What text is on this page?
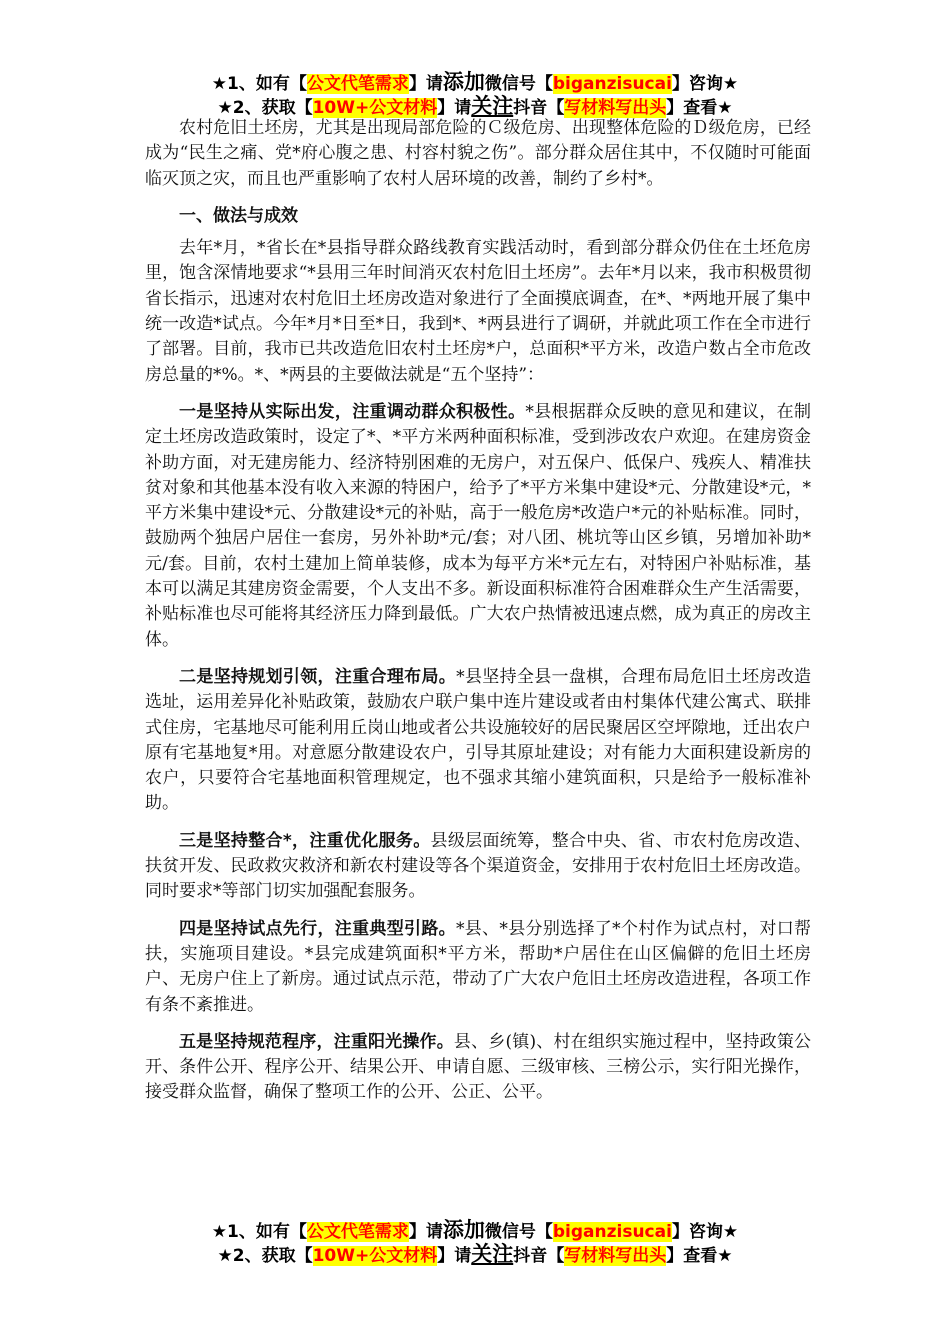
★1、如有【公文代笔需求】请添加微信号【biganzisucai】咨询★
★2、获取【10W+公文材料】请关注抖音【写材料写出头】查看★

农村危旧土坯房，尤其是出现局部危险的Ｃ级危房、出现整体危险的Ｄ级危房，已经成为“民生之痛、党*府心腹之患、村容村貌之伤”。部分群众居住其中，不仅随时可能面临灭顶之灾，而且也严重影响了农村人居环境的改善，制约了乡村*。

一、做法与成效

去年*月，*省长在*县指导群众路线教育实践活动时，看到部分群众仍住在土坯危房里，饱含深情地要求“*县用三年时间消灭农村危旧土坯房”。去年*月以来，我市积极贯彻省长指示，迅速对农村危旧土坯房改造对象进行了全面摸底调查，在*、*两地开展了集中统一改造*试点。今年*月*日至*日，我到*、*两县进行了调研，并就此项工作在全市进行了部署。目前，我市已共改造危旧农村土坯房*户，总面积*平方米，改造户数占全市危改房总量的*%。*、*两县的主要做法就是“五个坚持”：

一是坚持从实际出发，注重调动群众积极性。*县根据群众反映的意见和建议，在制定土坯房改造政策时，设定了*、*平方米两种面积标准，受到涉改农户欢迎。在建房资金补助方面，对无建房能力、经济特别困难的无房户，对五保户、低保户、残疾人、精准扶贫对象和其他基本没有收入来源的特困户，给予了*平方米集中建设*元、分散建设*元，*平方米集中建设*元、分散建设*元的补贴，高于一般危房*改造户*元的补贴标准。同时，鼓励两个独居户居住一套房，另外补助*元/套；对八团、桃坑等山区乡镇，另增加补助*元/套。目前，农村土建加上简单装修，成本为每平方米*元左右，对特困户补贴标准，基本可以满足其建房资金需要，个人支出不多。新设面积标准符合困难群众生产生活需要，补贴标准也尽可能将其经济压力降到最低。广大农户热情被迅速点燃，成为真正的房改主体。

二是坚持规划引领，注重合理布局。*县坚持全县一盘棋，合理布局危旧土坯房改造选址，运用差异化补贴政策，鼓励农户联户集中连片建设或者由村集体代建公寓式、联排式住房，宅基地尽可能利用丘岗山地或者公共设施较好的居民聚居区空坪隙地，迁出农户原有宅基地复*用。对意愿分散建设农户，引导其原址建设；对有能力大面积建设新房的农户，只要符合宅基地面积管理规定，也不强求其缩小建筑面积，只是给予一般标准补助。

三是坚持整合*，注重优化服务。县级层面统筹，整合中央、省、市农村危房改造、扶贫开发、民政救灾救济和新农村建设等各个渠道资金，安排用于农村危旧土坯房改造。同时要求*等部门切实加强配套服务。

四是坚持试点先行，注重典型引路。*县、*县分别选择了*个村作为试点村，对口帮扶，实施项目建设。*县完成建筑面积*平方米，帮助*户居住在山区偏僻的危旧土坯房户、无房户住上了新房。通过试点示范，带动了广大农户危旧土坯房改造进程，各项工作有条不紊推进。

五是坚持规范程序，注重阳光操作。县、乡(镇)、村在组织实施过程中，坚持政策公开、条件公开、程序公开、结果公开、申请自愿、三级审核、三榜公示，实行阳光操作，接受群众监督，确保了整项工作的公开、公正、公平。

★1、如有【公文代笔需求】请添加微信号【biganzisucai】咨询★
★2、获取【10W+公文材料】请关注抖音【写材料写出头】查看★
